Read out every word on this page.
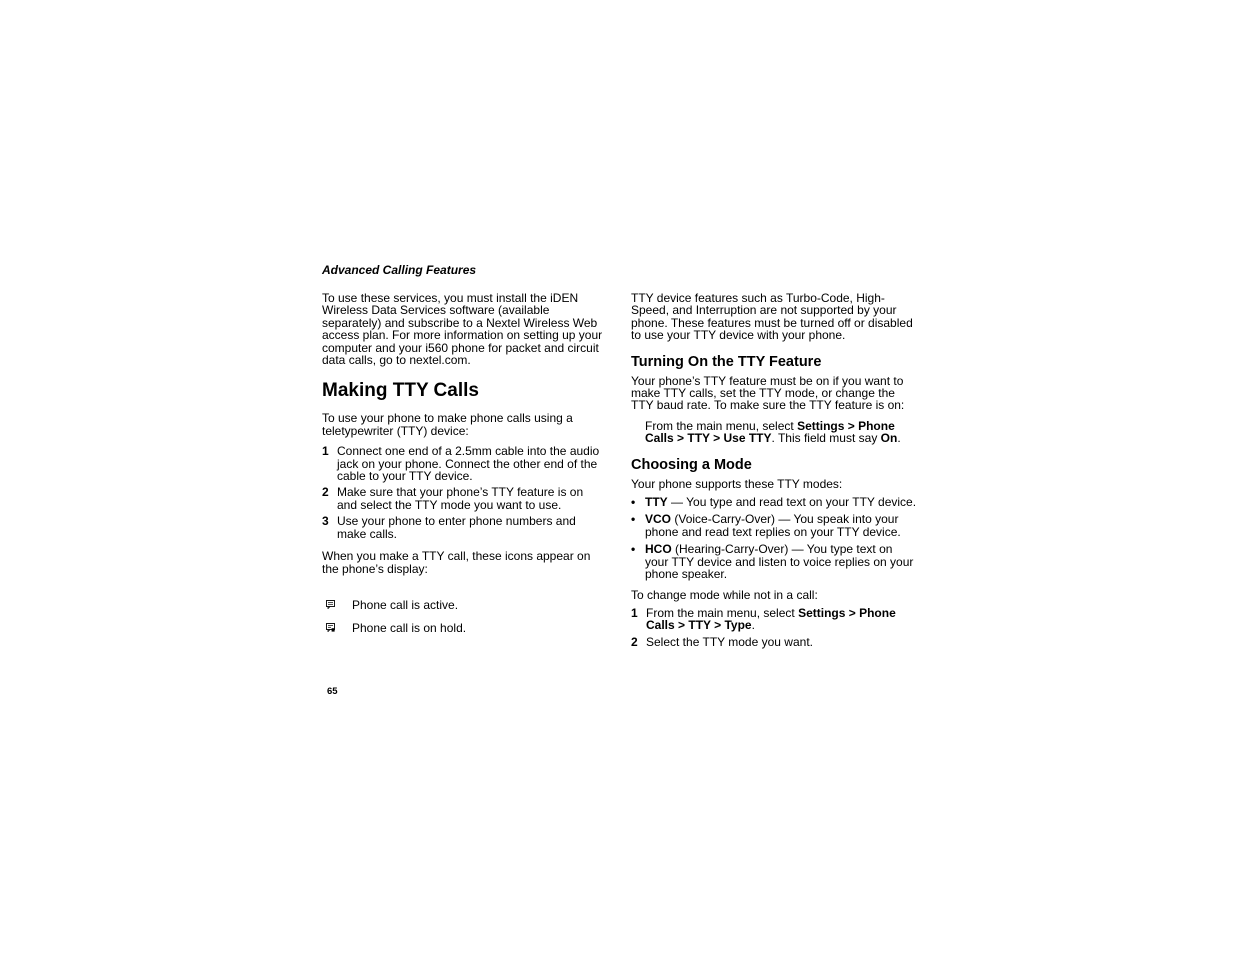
Advanced Calling Features

To use these services, you must install the iDEN Wireless Data Services software (available separately) and subscribe to a Nextel Wireless Web access plan. For more information on setting up your computer and your i560 phone for packet and circuit data calls, go to nextel.com.

Making TTY Calls

To use your phone to make phone calls using a teletypewriter (TTY) device:

1 Connect one end of a 2.5mm cable into the audio jack on your phone. Connect the other end of the cable to your TTY device.
2 Make sure that your phone’s TTY feature is on and select the TTY mode you want to use.
3 Use your phone to enter phone numbers and make calls.

When you make a TTY call, these icons appear on the phone’s display:

Phone call is active.
Phone call is on hold.

TTY device features such as Turbo-Code, High-Speed, and Interruption are not supported by your phone. These features must be turned off or disabled to use your TTY device with your phone.

Turning On the TTY Feature

Your phone’s TTY feature must be on if you want to make TTY calls, set the TTY mode, or change the TTY baud rate. To make sure the TTY feature is on:

From the main menu, select Settings > Phone Calls > TTY > Use TTY. This field must say On.

Choosing a Mode

Your phone supports these TTY modes:

• TTY — You type and read text on your TTY device.
• VCO (Voice-Carry-Over) — You speak into your phone and read text replies on your TTY device.
• HCO (Hearing-Carry-Over) — You type text on your TTY device and listen to voice replies on your phone speaker.

To change mode while not in a call:

1 From the main menu, select Settings > Phone Calls > TTY > Type.
2 Select the TTY mode you want.
65
